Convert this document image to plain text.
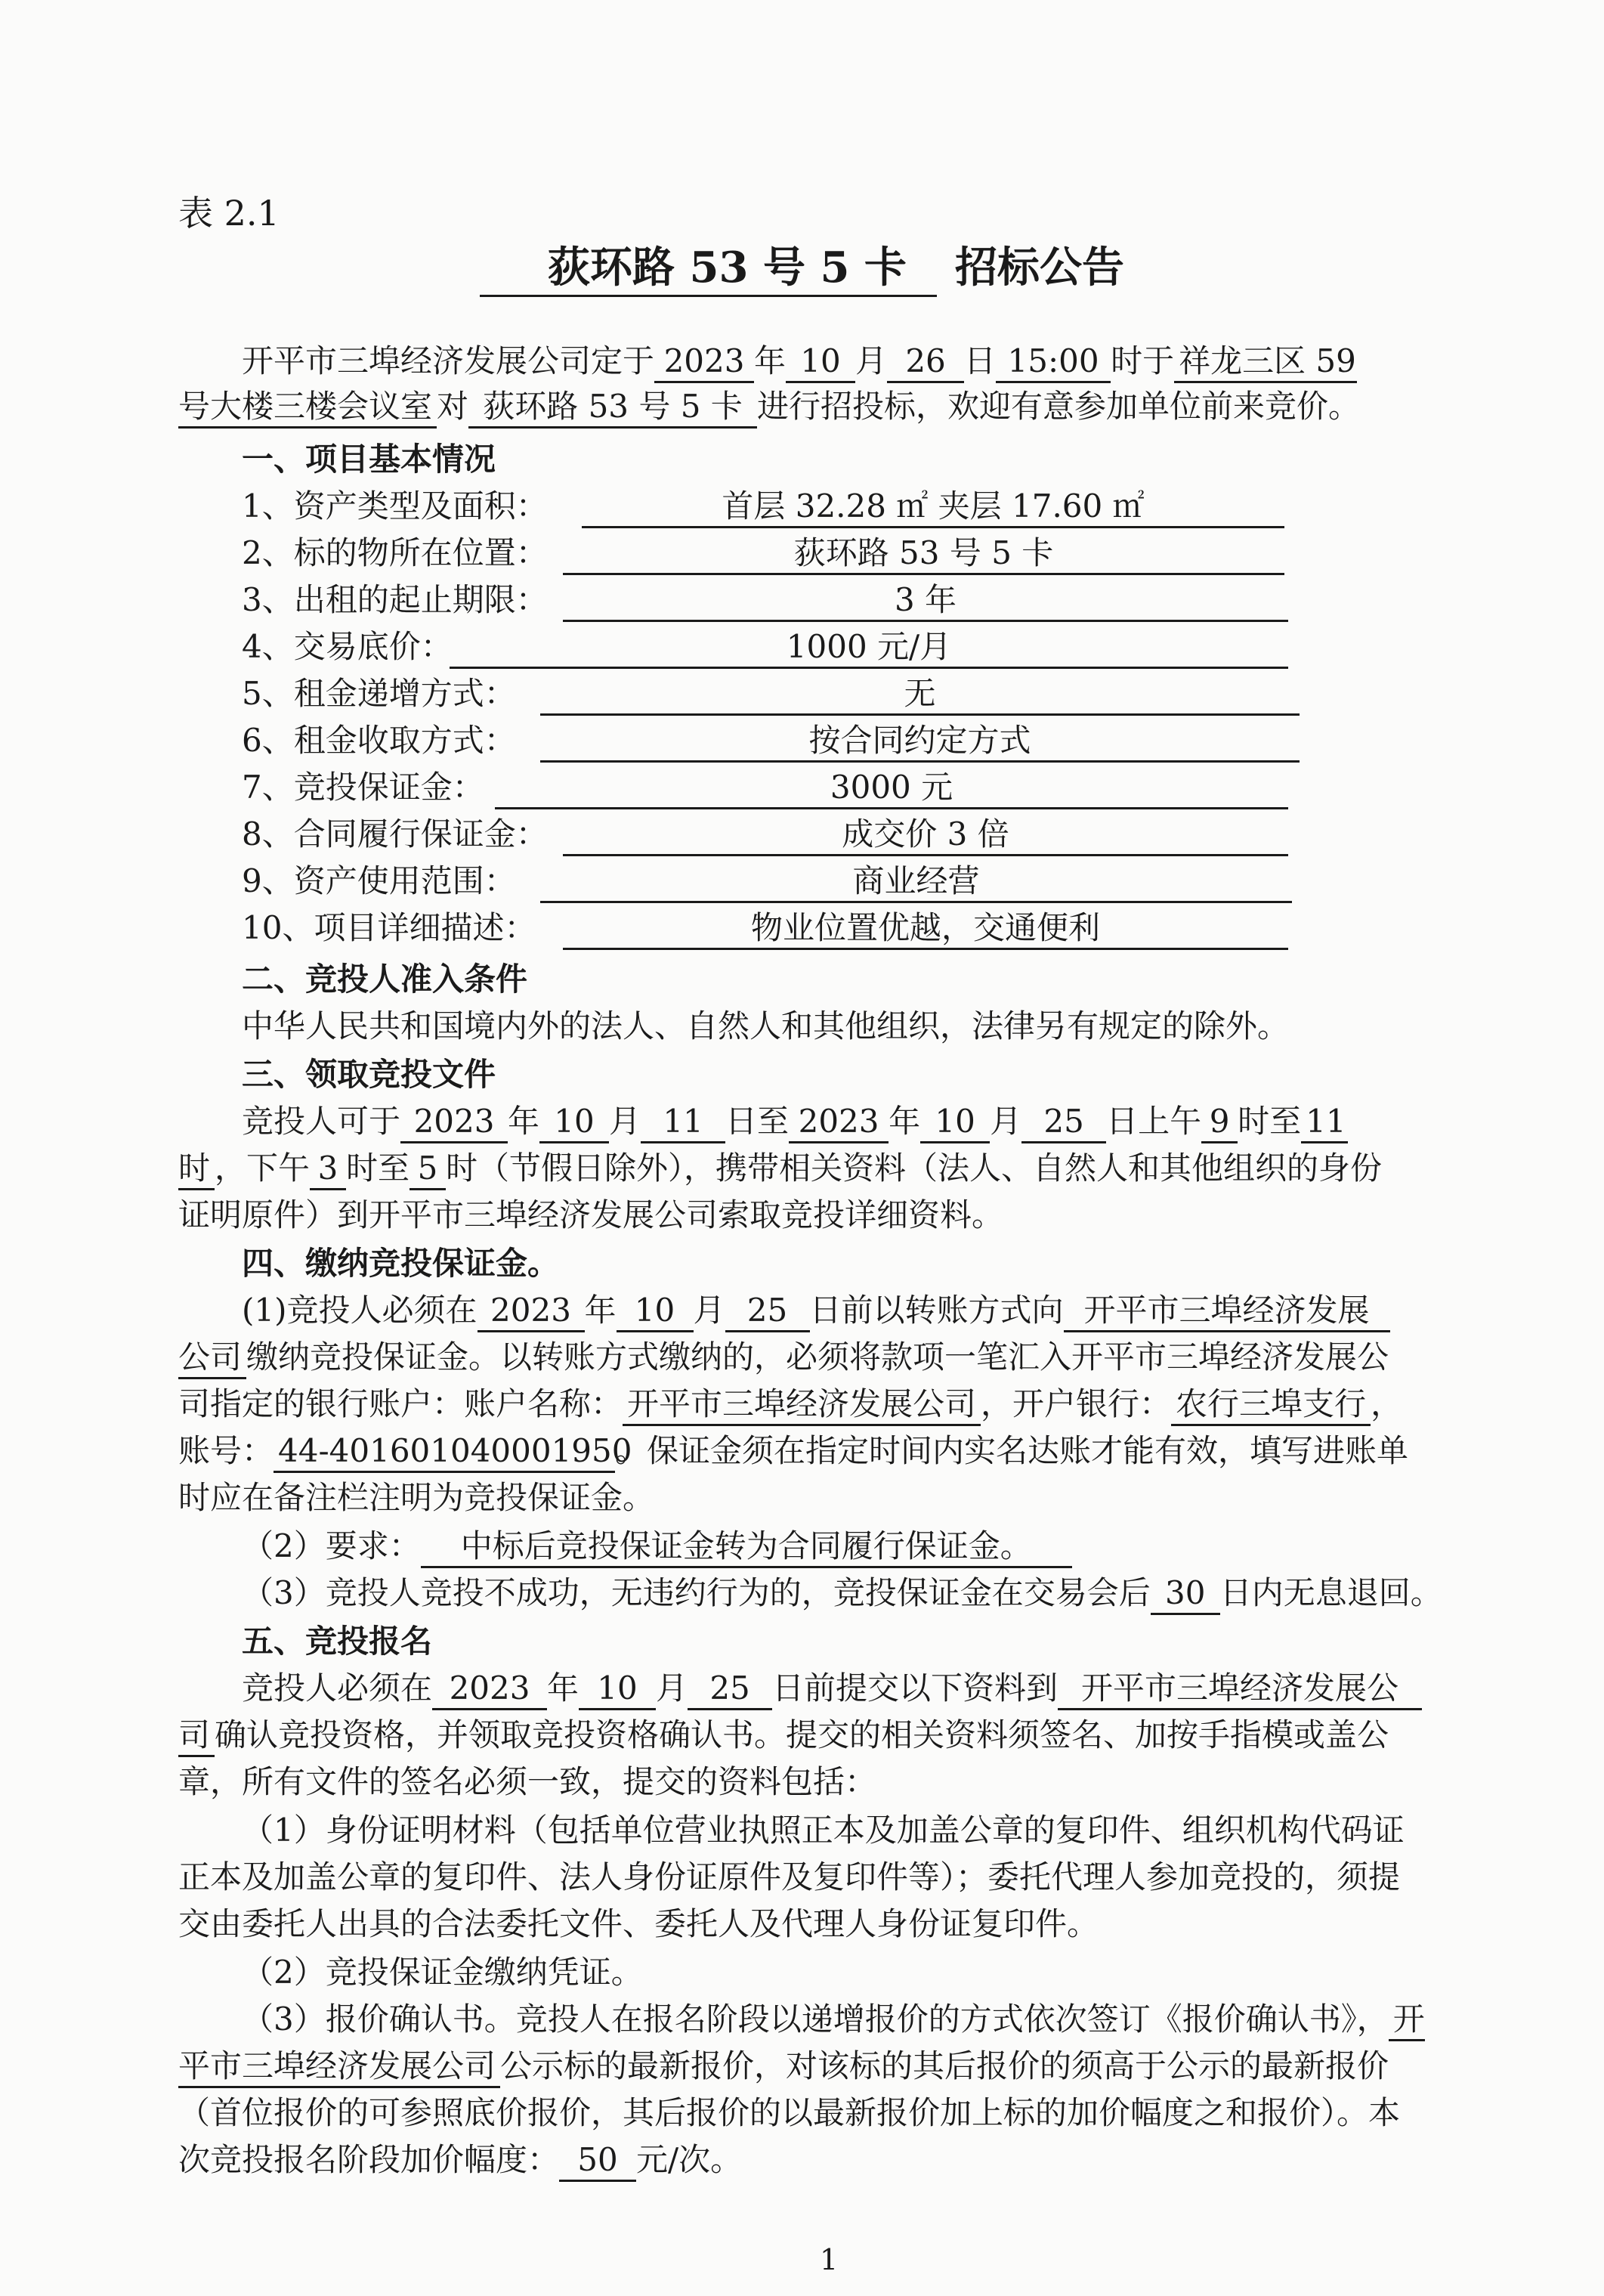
表 2.1
荻环路 53 号 5 卡 招标公告
开平市三埠经济发展公司定于 2023 年 10 月 26 日 15:00 时于 祥龙三区 59
号大楼三楼会议室 对 荻环路 53 号 5 卡 进行招投标，欢迎有意参加单位前来竞价。
一、项目基本情况
1、资产类型及面积：	首层 32.28 ㎡ 夹层 17.60 ㎡
2、标的物所在位置：	荻环路 53 号 5 卡
3、出租的起止期限：	3 年
4、交易底价：	1000 元/月
5、租金递增方式：	无
6、租金收取方式：	按合同约定方式
7、竞投保证金：	3000 元
8、合同履行保证金：	成交价 3 倍
9、资产使用范围：	商业经营
10、项目详细描述：	物业位置优越，交通便利
二、竞投人准入条件
中华人民共和国境内外的法人、自然人和其他组织，法律另有规定的除外。
三、领取竞投文件
竞投人可于 2023 年 10 月 11 日至 2023 年 10 月 25 日上午 9 时至 11
时 ，下午 3 时至 5 时（节假日除外），携带相关资料（法人、自然人和其他组织的身份
证明原件）到开平市三埠经济发展公司索取竞投详细资料。
四、缴纳竞投保证金。
(1)竞投人必须在 2023 年 10 月 25 日前以转账方式向 开平市三埠经济发展
公司 缴纳竞投保证金。以转账方式缴纳的，必须将款项一笔汇入开平市三埠经济发展公
司指定的银行账户：账户名称： 开平市三埠经济发展公司 ，开户银行： 农行三埠支行 ，
账号： 44-401601040001950。保证金须在指定时间内实名达账才能有效，填写进账单
时应在备注栏注明为竞投保证金。
（2）要求： 中标后竞投保证金转为合同履行保证金。
（3）竞投人竞投不成功，无违约行为的，竞投保证金在交易会后 30 日内无息退回。
五、竞投报名
竞投人必须在 2023 年 10 月 25 日前提交以下资料到 开平市三埠经济发展公
司 确认竞投资格，并领取竞投资格确认书。提交的相关资料须签名、加按手指模或盖公
章，所有文件的签名必须一致，提交的资料包括：
（1）身份证明材料（包括单位营业执照正本及加盖公章的复印件、组织机构代码证
正本及加盖公章的复印件、法人身份证原件及复印件等）；委托代理人参加竞投的，须提
交由委托人出具的合法委托文件、委托人及代理人身份证复印件。
（2）竞投保证金缴纳凭证。
（3）报价确认书。竞投人在报名阶段以递增报价的方式依次签订《报价确认书》， 开
平市三埠经济发展公司 公示标的最新报价，对该标的其后报价的须高于公示的最新报价
（首位报价的可参照底价报价，其后报价的以最新报价加上标的加价幅度之和报价）。本
次竞投报名阶段加价幅度： 50 元/次。
1
